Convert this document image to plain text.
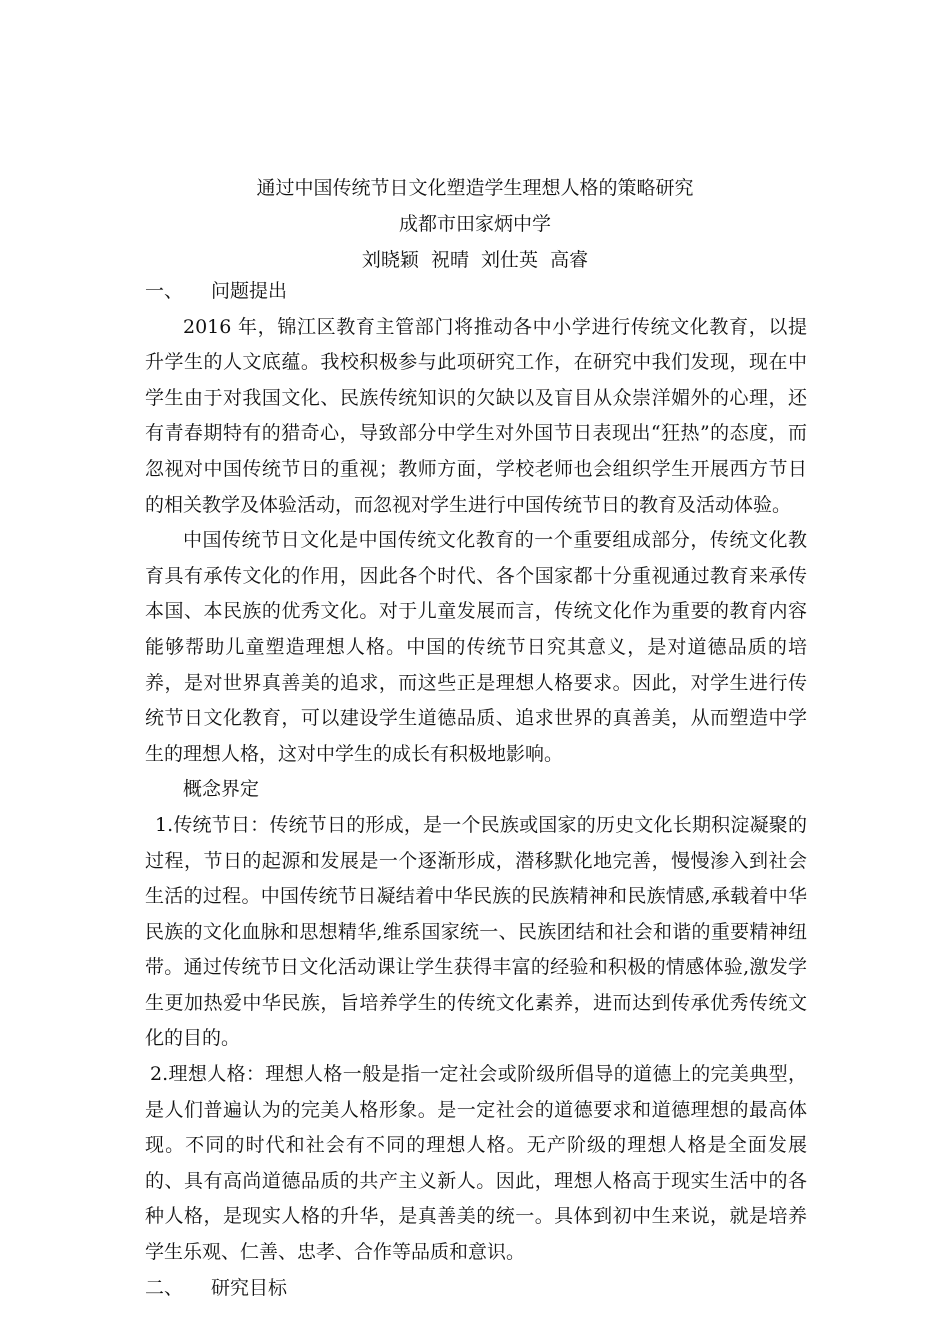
通过中国传统节日文化塑造学生理想人格的策略研究
成都市田家炳中学
刘晓颖  祝晴  刘仕英  高睿

一、 问题提出

2016 年，锦江区教育主管部门将推动各中小学进行传统文化教育，以提升学生的人文底蕴。我校积极参与此项研究工作，在研究中我们发现，现在中学生由于对我国文化、民族传统知识的欠缺以及盲目从众崇洋媚外的心理，还有青春期特有的猎奇心，导致部分中学生对外国节日表现出“狂热”的态度，而忽视对中国传统节日的重视；教师方面，学校老师也会组织学生开展西方节日的相关教学及体验活动，而忽视对学生进行中国传统节日的教育及活动体验。

中国传统节日文化是中国传统文化教育的一个重要组成部分，传统文化教育具有承传文化的作用，因此各个时代、各个国家都十分重视通过教育来承传本国、本民族的优秀文化。对于儿童发展而言，传统文化作为重要的教育内容能够帮助儿童塑造理想人格。中国的传统节日究其意义，是对道德品质的培养，是对世界真善美的追求，而这些正是理想人格要求。因此，对学生进行传统节日文化教育，可以建设学生道德品质、追求世界的真善美，从而塑造中学生的理想人格，这对中学生的成长有积极地影响。

概念界定

1.传统节日：传统节日的形成，是一个民族或国家的历史文化长期积淀凝聚的过程，节日的起源和发展是一个逐渐形成，潜移默化地完善，慢慢渗入到社会生活的过程。中国传统节日凝结着中华民族的民族精神和民族情感,承载着中华民族的文化血脉和思想精华,维系国家统一、民族团结和社会和谐的重要精神纽带。通过传统节日文化活动课让学生获得丰富的经验和积极的情感体验,激发学生更加热爱中华民族，旨培养学生的传统文化素养，进而达到传承优秀传统文化的目的。

2.理想人格：理想人格一般是指一定社会或阶级所倡导的道德上的完美典型，是人们普遍认为的完美人格形象。是一定社会的道德要求和道德理想的最高体现。不同的时代和社会有不同的理想人格。无产阶级的理想人格是全面发展的、具有高尚道德品质的共产主义新人。因此，理想人格高于现实生活中的各种人格，是现实人格的升华，是真善美的统一。具体到初中生来说，就是培养学生乐观、仁善、忠孝、合作等品质和意识。

二、 研究目标
